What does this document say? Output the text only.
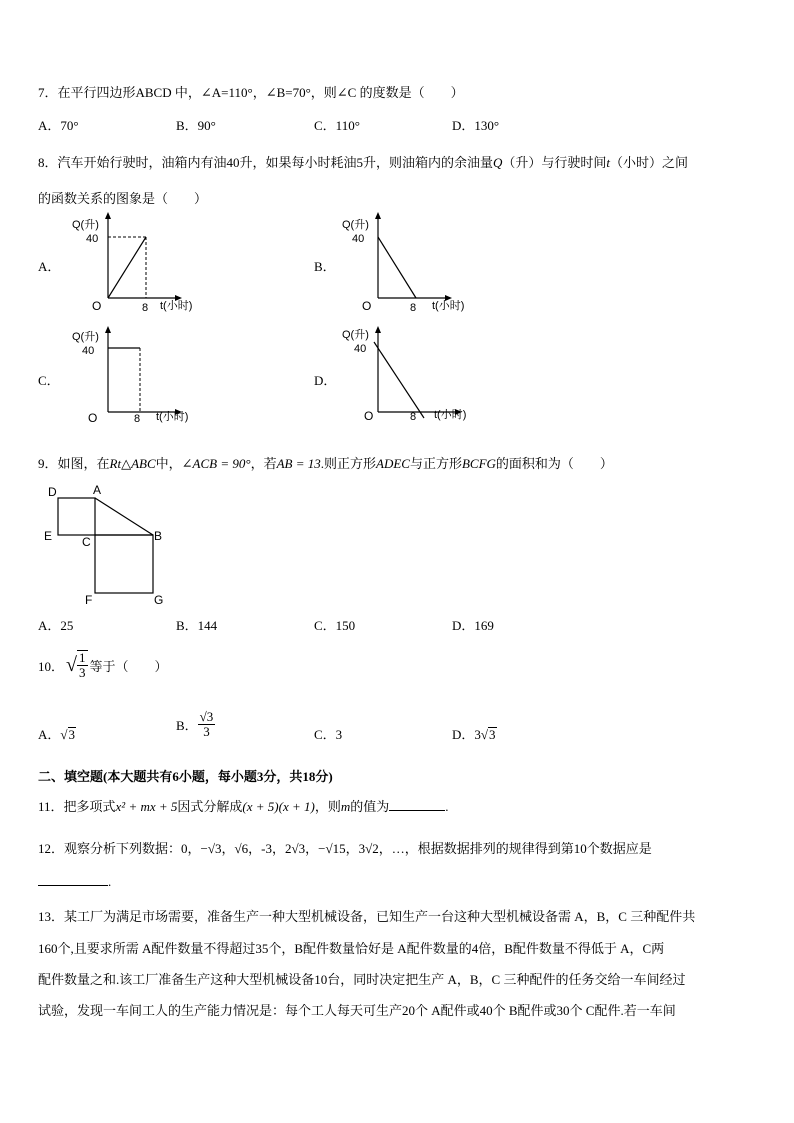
7．在平行四边形ABCD 中，∠A=110°，∠B=70°，则∠C 的度数是（　　）
A．70°	B．90°	C．110°	D．130°
8．汽车开始行驶时，油箱内有油40升，如果每小时耗油5升，则油箱内的余油量Q（升）与行驶时间t（小时）之间
的函数关系的图象是（　　）
A．	B．
C．	D．
Q(升)
40
O	8 t(小时)
Q(升)
40
O	8 t(小时)
Q(升)
40
O	8 t(小时)
Q(升)
40
O	8 t(小时)
9．如图，在Rt△ABC中，∠ACB = 90°，若AB = 13.则正方形ADEC与正方形BCFG的面积和为（　　）
D	A
E C	B
F	G
A．25	B．144	C．150	D．169
10． √ $\frac{1}{3}$ 等于（　　）
A．√3
B． $\frac{√3}{3}$	C．3	D．3√3
二、填空题(本大题共有6小题，每小题3分，共18分)
11．把多项式x² + mx + 5因式分解成(x + 5)(x + 1)，则m的值为	.
12．观察分析下列数据：0，−√3，√6，-3，2√3，−√15，3√2，…，根据数据排列的规律得到第10个数据应是
.
13．某工厂为满足市场需要，准备生产一种大型机械设备，已知生产一台这种大型机械设备需 A，B，C 三种配件共
160个,且要求所需 A配件数量不得超过35个，B配件数量恰好是 A配件数量的4倍，B配件数量不得低于 A，C两
配件数量之和.该工厂准备生产这种大型机械设备10台，同时决定把生产 A，B，C 三种配件的任务交给一车间经过
试验，发现一车间工人的生产能力情况是：每个工人每天可生产20个 A配件或40个 B配件或30个 C配件.若一车间
